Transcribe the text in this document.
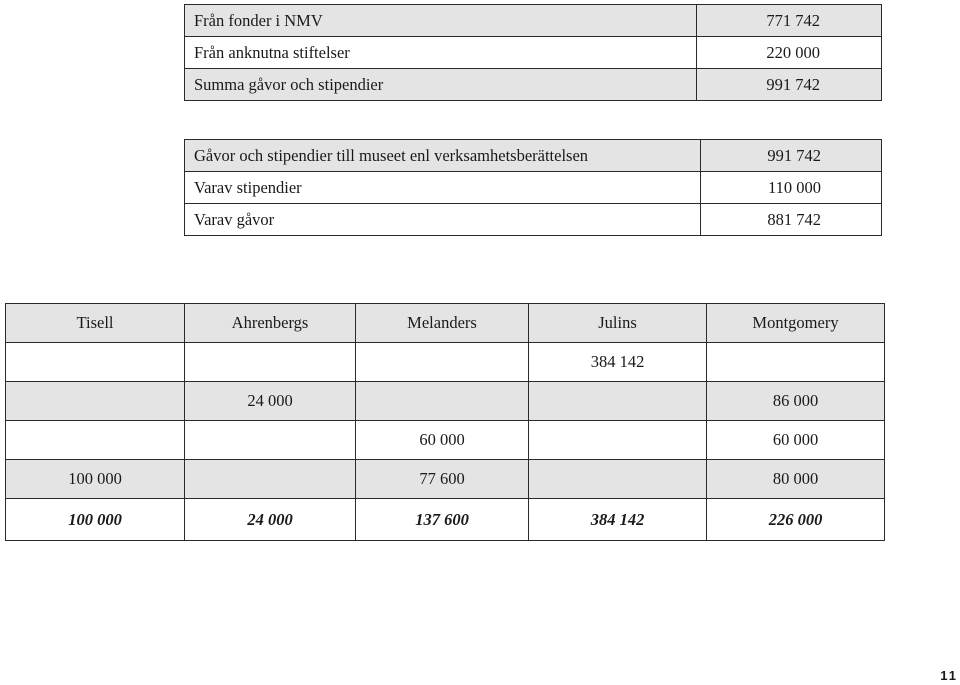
Från fonder i NMV	771 742
Från anknutna stiftelser	220 000
Summa gåvor och stipendier	991 742
Gåvor och stipendier till museet enl verksamhetsberättelsen	991 742
Varav stipendier	110 000
Varav gåvor	881 742
Tisell	Ahrenbergs	Melanders	Julins	Montgomery
			384 142	
	24 000			86 000
		60 000		60 000
100 000		77 600		80 000
100 000	24 000	137 600	384 142	226 000
11
